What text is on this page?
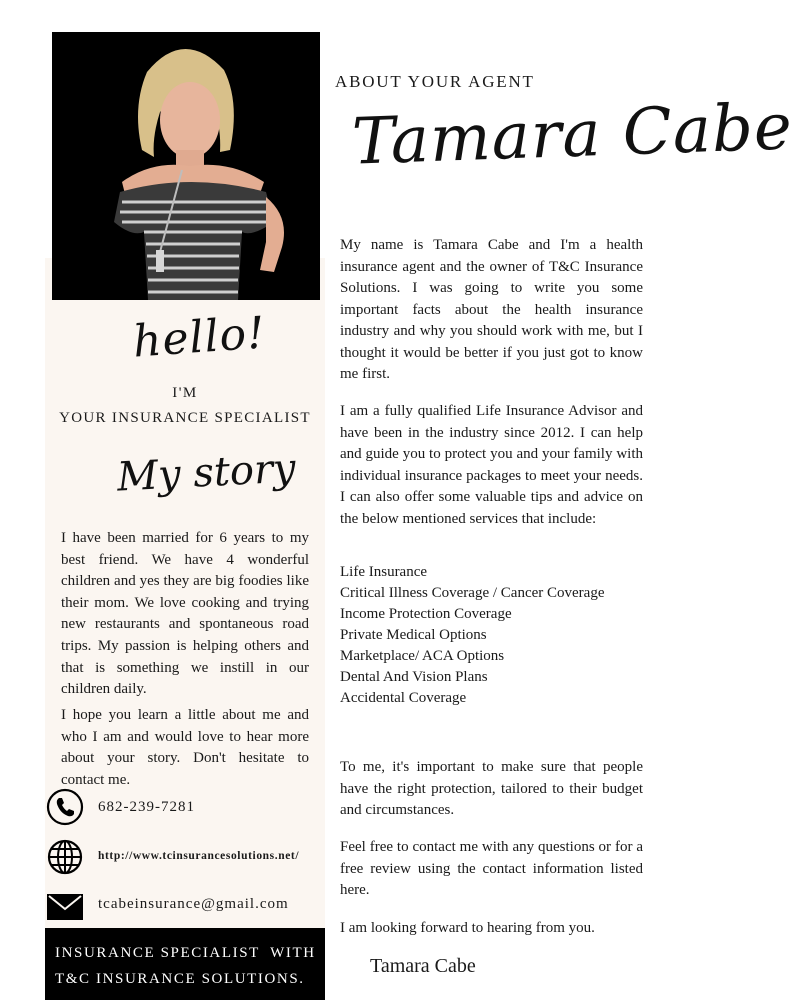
hello!
I'M
YOUR INSURANCE SPECIALIST
My story
I have been married for 6 years to my best friend. We have 4 wonderful children and yes they are big foodies like their mom. We love cooking and trying new restaurants and spontaneous road trips. My passion is helping others and that is something we instill in our children daily.
I hope you learn a little about me and who I am and would love to hear more about your story. Don't hesitate to contact me.
682-239-7281
http://www.tcinsurancesolutions.net/
tcabeinsurance@gmail.com
INSURANCE SPECIALIST  WITH
T&C INSURANCE SOLUTIONS.
ABOUT YOUR AGENT
Tamara Cabe
My name is Tamara Cabe and I'm a health insurance agent and the owner of T&C Insurance Solutions. I was going to write you some important facts about the health insurance industry and why you should work with me, but I thought it would be better if you just got to know me first.
I am a fully qualified Life Insurance Advisor and have been in the industry since 2012. I can help and guide you to protect you and your family with individual insurance packages to meet your needs. I can also offer some valuable tips and advice on the below mentioned services that include:
Life Insurance
Critical Illness Coverage / Cancer Coverage
Income Protection Coverage
Private Medical Options
Marketplace/ ACA Options
Dental And Vision Plans
Accidental Coverage
To me, it's important to make sure that people have the right protection, tailored to their budget and circumstances.
Feel free to contact me with any questions or for a free review using the contact information listed here.
I am looking forward to hearing from you.
Tamara Cabe
